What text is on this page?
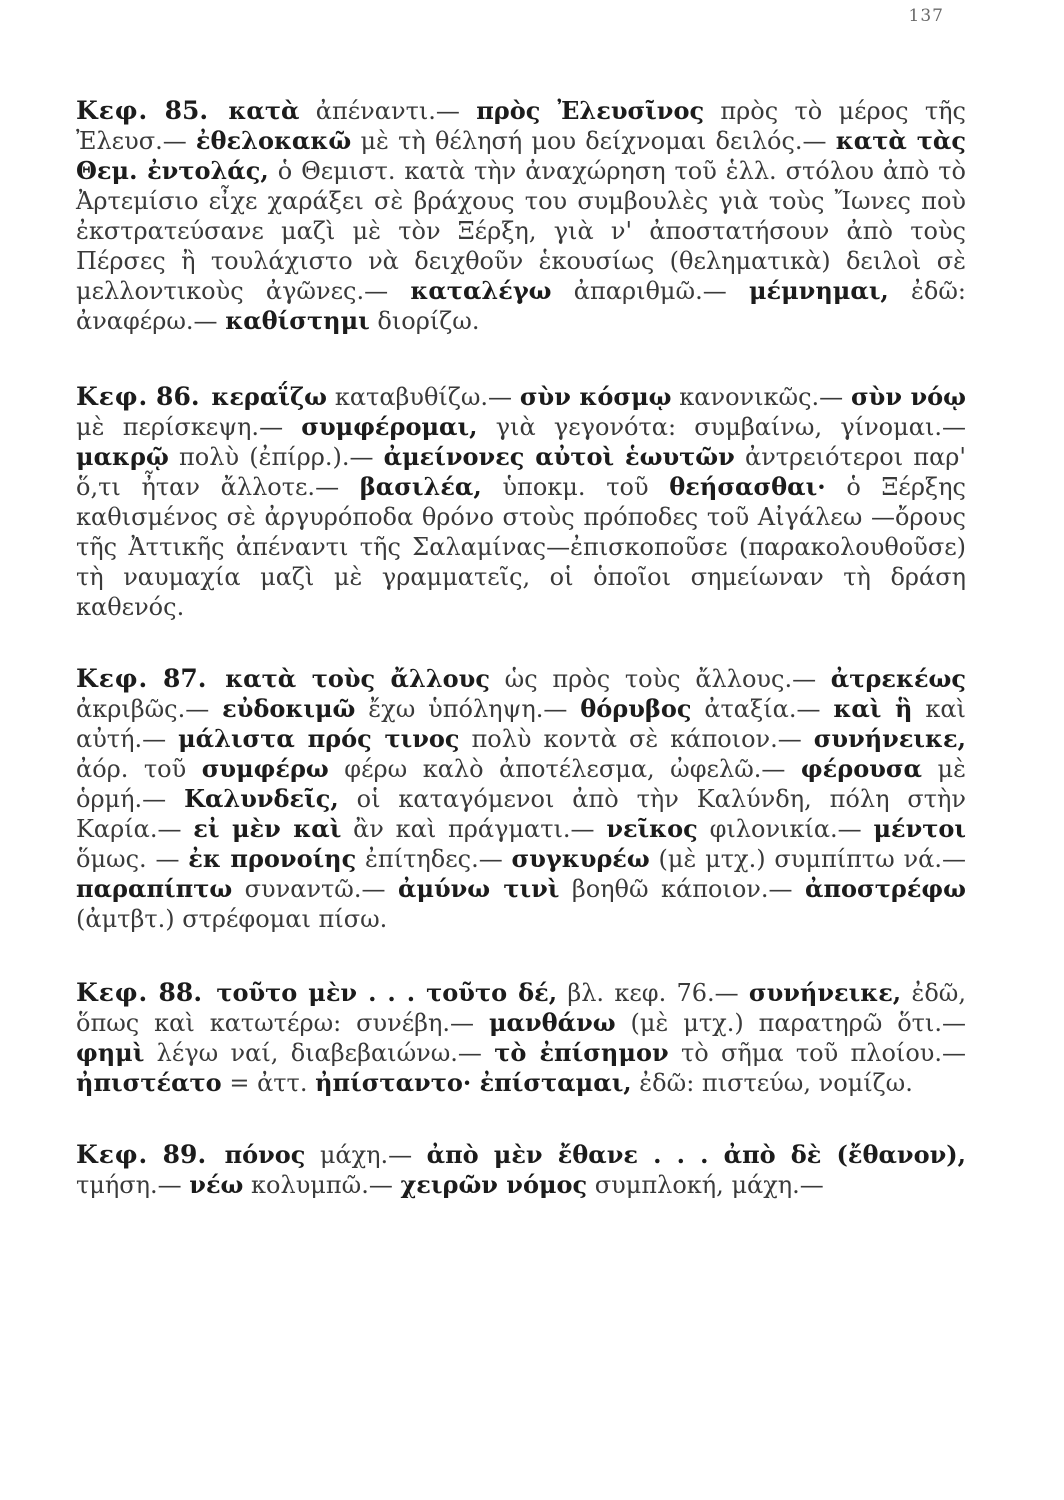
137

Κεφ. 85. κατὰ ἀπέναντι.— πρὸς Ἐλευσῖνος πρὸς τὸ μέρος τῆς Ἐλευσ.— ἐθελοκακῶ μὲ τὴ θέλησή μου δείχνομαι δειλός.— κατὰ τὰς Θεμ. ἐντολάς, ὁ Θεμιστ. κατὰ τὴν ἀναχώρηση τοῦ ἑλλ. στόλου ἀπὸ τὸ Ἀρτεμίσιο εἶχε χαράξει σὲ βράχους του συμβουλὲς γιὰ τοὺς Ἴωνες ποὺ ἐκστρατεύσανε μαζὶ μὲ τὸν Ξέρξη, γιὰ ν' ἀποστατήσουν ἀπὸ τοὺς Πέρσες ἢ τουλάχιστο νὰ δειχθοῦν ἑκουσίως (θεληματικὰ) δειλοὶ σὲ μελλοντικοὺς ἀγῶνες.— καταλέγω ἀπαριθμῶ.— μέμνημαι, ἐδῶ: ἀναφέρω.— καθίστημι διορίζω.

Κεφ. 86. κεραΐζω καταβυθίζω.— σὺν κόσμῳ κανονικῶς.— σὺν νόῳ μὲ περίσκεψη.— συμφέρομαι, γιὰ γεγονότα: συμβαίνω, γίνομαι.— μακρῷ πολὺ (ἐπίρρ.).— ἀμείνονες αὐτοὶ ἑωυτῶν ἀντρειότεροι παρ' ὅ,τι ἦταν ἄλλοτε.— βασιλέα, ὑποκμ. τοῦ θεήσασθαι· ὁ Ξέρξης καθισμένος σὲ ἀργυρόποδα θρόνο στοὺς πρόποδες τοῦ Αἰγάλεω —ὄρους τῆς Ἀττικῆς ἀπέναντι τῆς Σαλαμίνας—ἐπισκοποῦσε (παρακολουθοῦσε) τὴ ναυμαχία μαζὶ μὲ γραμματεῖς, οἱ ὁποῖοι σημείωναν τὴ δράση καθενός.

Κεφ. 87. κατὰ τοὺς ἄλλους ὡς πρὸς τοὺς ἄλλους.— ἀτρεκέως ἀκριβῶς.— εὐδοκιμῶ ἔχω ὑπόληψη.— θόρυβος ἀταξία.— καὶ ἣ καὶ αὐτή.— μάλιστα πρός τινος πολὺ κοντὰ σὲ κάποιον.— συνήνεικε, ἀόρ. τοῦ συμφέρω φέρω καλὸ ἀποτέλεσμα, ὠφελῶ.— φέρουσα μὲ ὁρμή.— Καλυνδεῖς, οἱ καταγόμενοι ἀπὸ τὴν Καλύνδη, πόλη στὴν Καρία.— εἰ μὲν καὶ ἂν καὶ πράγματι.— νεῖκος φιλονικία.— μέντοι ὅμως. — ἐκ προνοίης ἐπίτηδες.— συγκυρέω (μὲ μτχ.) συμπίπτω νά.— παραπίπτω συναντῶ.— ἀμύνω τινὶ βοηθῶ κάποιον.— ἀποστρέφω (ἀμτβτ.) στρέφομαι πίσω.

Κεφ. 88. τοῦτο μὲν . . . τοῦτο δέ, βλ. κεφ. 76.— συνήνεικε, ἐδῶ, ὅπως καὶ κατωτέρω: συνέβη.— μανθάνω (μὲ μτχ.) παρατηρῶ ὅτι.— φημὶ λέγω ναί, διαβεβαιώνω.— τὸ ἐπίσημον τὸ σῆμα τοῦ πλοίου.— ἠπιστέατο = ἀττ. ἠπίσταντο· ἐπίσταμαι, ἐδῶ: πιστεύω, νομίζω.

Κεφ. 89. πόνος μάχη.— ἀπὸ μὲν ἔθανε . . . ἀπὸ δὲ (ἔθανον), τμήση.— νέω κολυμπῶ.— χειρῶν νόμος συμπλοκή, μάχη.—
